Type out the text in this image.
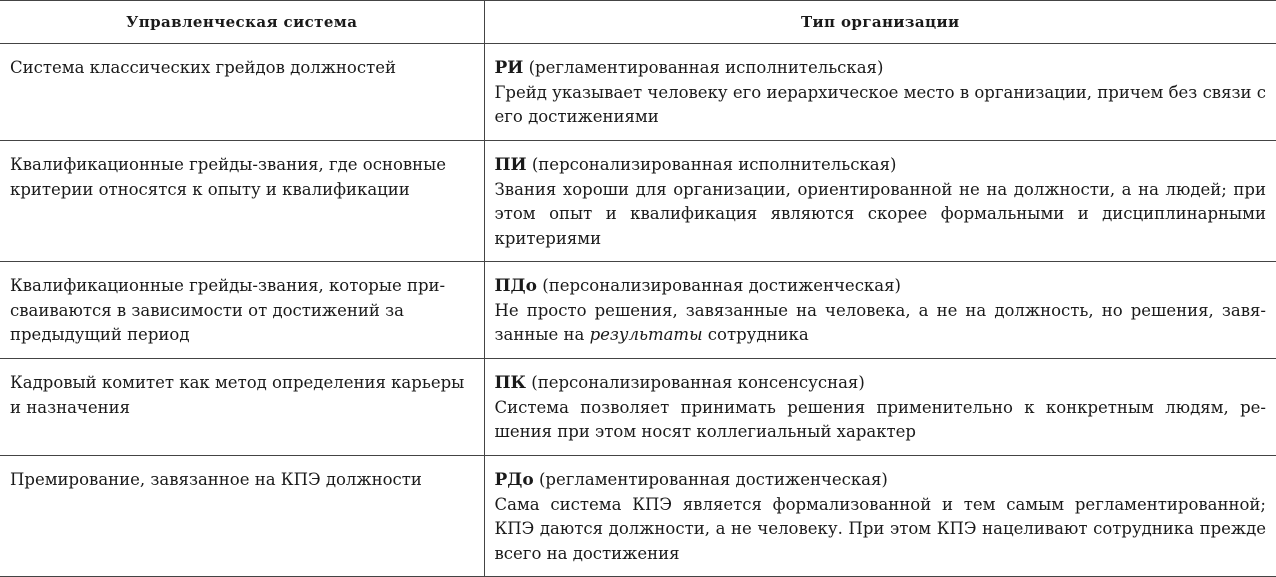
Управленческая система	Тип организации
Система классических грейдов должностей	РИ (регламентированная исполнительская)
Грейд указывает человеку его иерархическое место в организации, причем без связи с его достижениями

Квалификационные грейды-звания, где основные критерии относятся к опыту и квалификации	ПИ (персонализированная исполнительская)
Звания хороши для организации, ориентированной не на должности, а на людей; при этом опыт и квалификация являются скорее формальными и дисциплинарными критериями

Квалификационные грейды-звания, которые присваиваются в зависимости от достижений за предыдущий период	ПДо (персонализированная достиженческая)
Не просто решения, завязанные на человека, а не на должность, но решения, завязанные на результаты сотрудника

Кадровый комитет как метод определения карьеры и назначения	ПК (персонализированная консенсусная)
Система позволяет принимать решения применительно к конкретным людям, решения при этом носят коллегиальный характер

Премирование, завязанное на КПЭ должности	РДо (регламентированная достиженческая)
Сама система КПЭ является формализованной и тем самым регламентированной; КПЭ даются должности, а не человеку. При этом КПЭ нацеливают сотрудника прежде всего на достижения
